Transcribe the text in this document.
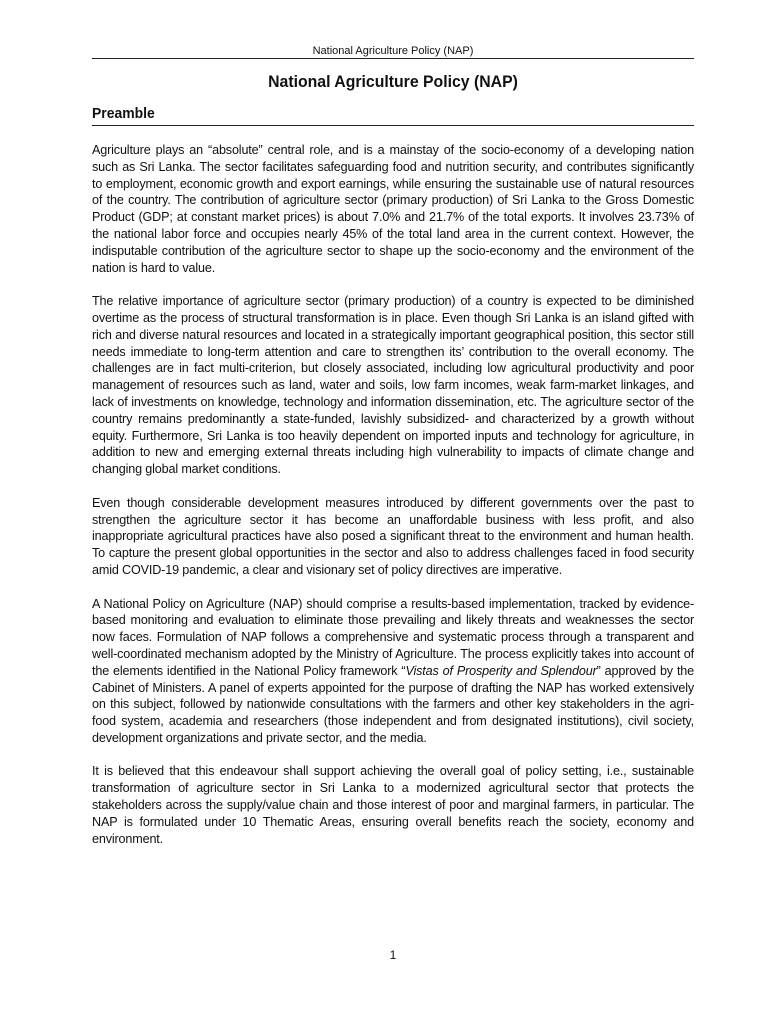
National Agriculture Policy (NAP)
National Agriculture Policy (NAP)
Preamble

Agriculture plays an “absolute” central role, and is a mainstay of the socio-economy of a developing nation such as Sri Lanka. The sector facilitates safeguarding food and nutrition security, and contributes significantly to employment, economic growth and export earnings, while ensuring the sustainable use of natural resources of the country. The contribution of agriculture sector (primary production) of Sri Lanka to the Gross Domestic Product (GDP; at constant market prices) is about 7.0% and 21.7% of the total exports. It involves 23.73% of the national labor force and occupies nearly 45% of the total land area in the current context. However, the indisputable contribution of the agriculture sector to shape up the socio-economy and the environment of the nation is hard to value.

The relative importance of agriculture sector (primary production) of a country is expected to be diminished overtime as the process of structural transformation is in place. Even though Sri Lanka is an island gifted with rich and diverse natural resources and located in a strategically important geographical position, this sector still needs immediate to long-term attention and care to strengthen its’ contribution to the overall economy. The challenges are in fact multi-criterion, but closely associated, including low agricultural productivity and poor management of resources such as land, water and soils, low farm incomes, weak farm-market linkages, and lack of investments on knowledge, technology and information dissemination, etc. The agriculture sector of the country remains predominantly a state-funded, lavishly subsidized- and characterized by a growth without equity. Furthermore, Sri Lanka is too heavily dependent on imported inputs and technology for agriculture, in addition to new and emerging external threats including high vulnerability to impacts of climate change and changing global market conditions.

Even though considerable development measures introduced by different governments over the past to strengthen the agriculture sector it has become an unaffordable business with less profit, and also inappropriate agricultural practices have also posed a significant threat to the environment and human health. To capture the present global opportunities in the sector and also to address challenges faced in food security amid COVID-19 pandemic, a clear and visionary set of policy directives are imperative.

A National Policy on Agriculture (NAP) should comprise a results-based implementation, tracked by evidence-based monitoring and evaluation to eliminate those prevailing and likely threats and weaknesses the sector now faces. Formulation of NAP follows a comprehensive and systematic process through a transparent and well-coordinated mechanism adopted by the Ministry of Agriculture. The process explicitly takes into account of the elements identified in the National Policy framework “Vistas of Prosperity and Splendour” approved by the Cabinet of Ministers. A panel of experts appointed for the purpose of drafting the NAP has worked extensively on this subject, followed by nationwide consultations with the farmers and other key stakeholders in the agri-food system, academia and researchers (those independent and from designated institutions), civil society, development organizations and private sector, and the media.

It is believed that this endeavour shall support achieving the overall goal of policy setting, i.e., sustainable transformation of agriculture sector in Sri Lanka to a modernized agricultural sector that protects the stakeholders across the supply/value chain and those interest of poor and marginal farmers, in particular. The NAP is formulated under 10 Thematic Areas, ensuring overall benefits reach the society, economy and environment.

1
